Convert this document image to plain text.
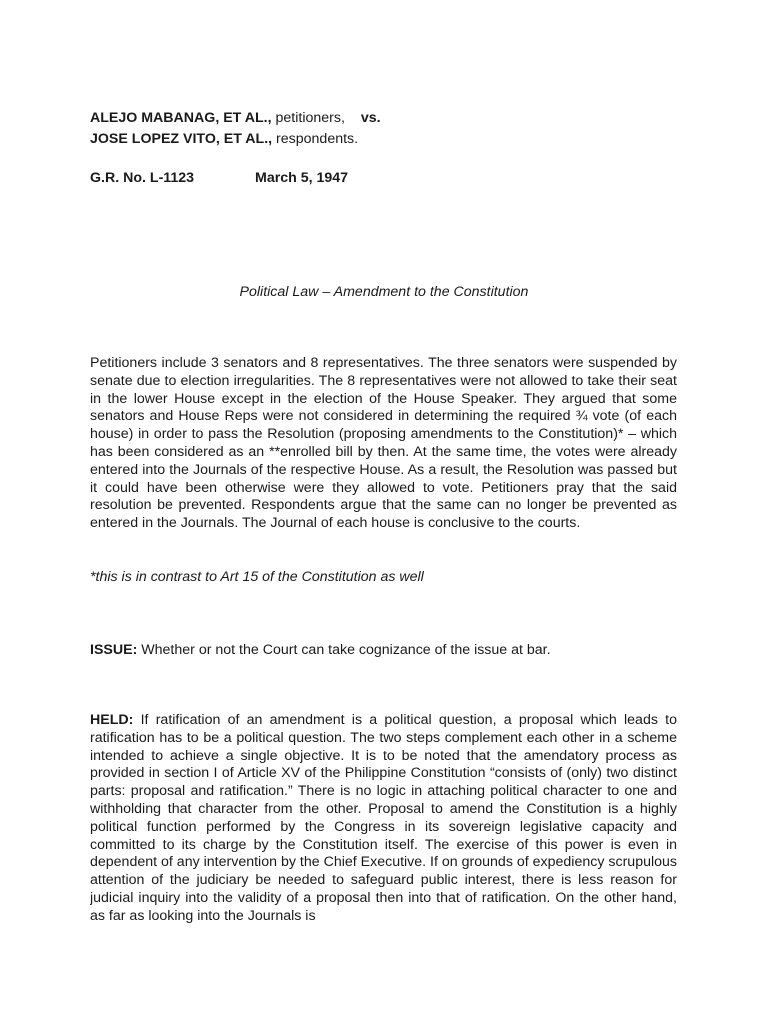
ALEJO MABANAG, ET AL., petitioners, vs.
JOSE LOPEZ VITO, ET AL., respondents.
G.R. No. L-1123	March 5, 1947
Political Law – Amendment to the Constitution
Petitioners include 3 senators and 8 representatives. The three senators were suspended by senate due to election irregularities. The 8 representatives were not allowed to take their seat in the lower House except in the election of the House Speaker. They argued that some senators and House Reps were not considered in determining the required ¾ vote (of each house) in order to pass the Resolution (proposing amendments to the Constitution)* – which has been considered as an **enrolled bill by then. At the same time, the votes were already entered into the Journals of the respective House. As a result, the Resolution was passed but it could have been otherwise were they allowed to vote. Petitioners pray that the said resolution be prevented. Respondents argue that the same can no longer be prevented as entered in the Journals. The Journal of each house is conclusive to the courts.
*this is in contrast to Art 15 of the Constitution as well
ISSUE: Whether or not the Court can take cognizance of the issue at bar.
HELD: If ratification of an amendment is a political question, a proposal which leads to ratification has to be a political question. The two steps complement each other in a scheme intended to achieve a single objective. It is to be noted that the amendatory process as provided in section I of Article XV of the Philippine Constitution “consists of (only) two distinct parts: proposal and ratification.” There is no logic in attaching political character to one and withholding that character from the other. Proposal to amend the Constitution is a highly political function performed by the Congress in its sovereign legislative capacity and committed to its charge by the Constitution itself. The exercise of this power is even in dependent of any intervention by the Chief Executive. If on grounds of expediency scrupulous attention of the judiciary be needed to safeguard public interest, there is less reason for judicial inquiry into the validity of a proposal then into that of ratification. On the other hand, as far as looking into the Journals is
